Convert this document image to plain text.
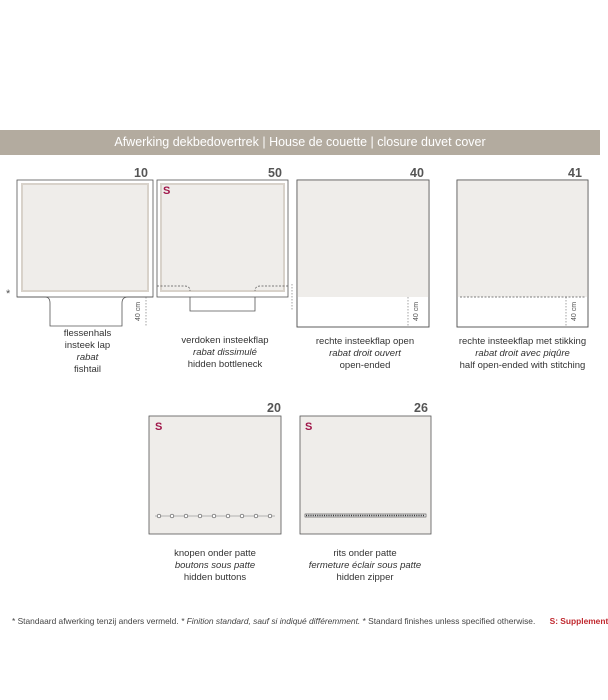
Afwerking dekbedovertrek | House de couette | closure duvet cover
10	50	40	41
20	26
S
S	S
*
40 cm	40 cm	40 cm
flessenhals
insteek lap
rabat
fishtail
verdoken insteekflap
rabat dissimulé
hidden bottleneck
rechte insteekflap open
rabat droit ouvert
open-ended
rechte insteekflap met stikking
rabat droit avec piqûre
half open-ended with stitching
knopen onder patte
boutons sous patte
hidden buttons
rits onder patte
fermeture éclair sous patte
hidden zipper
* Standaard afwerking tenzij anders vermeld. * Finition standard, sauf si indiqué différemment. * Standard finishes unless specified otherwise. S: Supplement
